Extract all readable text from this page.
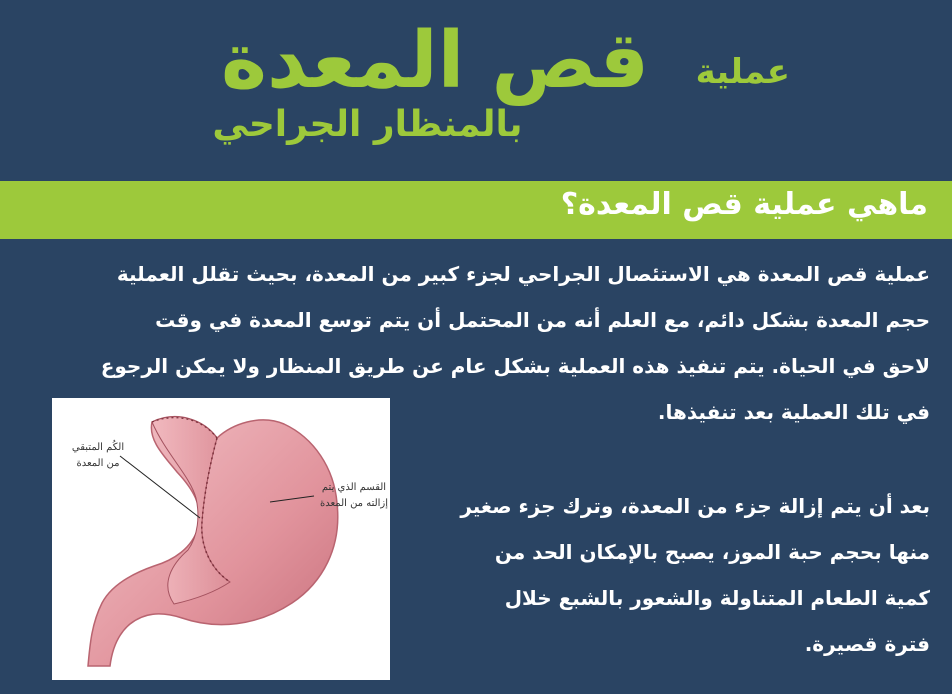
عملية
قص المعدة
بالمنظار الجراحي
ماهي عملية قص المعدة؟
عملية قص المعدة هي الاستئصال الجراحي لجزء كبير من المعدة، بحيث تقلل العملية
حجم المعدة بشكل دائم، مع العلم أنه من المحتمل أن يتم توسع المعدة في وقت
لاحق في الحياة. يتم تنفيذ هذه العملية بشكل عام عن طريق المنظار ولا يمكن الرجوع
في تلك العملية بعد تنفيذها.
بعد أن يتم إزالة جزء من المعدة، وترك جزء صغير
منها بحجم حبة الموز، يصبح بالإمكان الحد من
كمية الطعام المتناولة والشعور بالشبع خلال
فترة قصيرة.
الكُم المتبقي
من المعدة
القسم الذي يتم
إزالته من المعدة
